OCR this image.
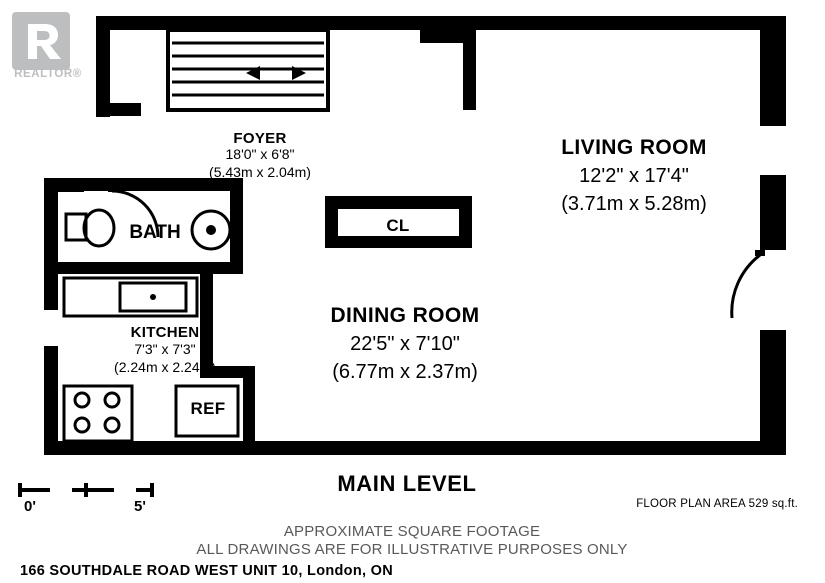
REALTOR®
FOYER
18'0" x 6'8"
(5.43m x 2.04m)
LIVING ROOM
12'2" x 17'4"
(3.71m x 5.28m)
DINING ROOM
22'5" x 7'10"
(6.77m x 2.37m)
KITCHEN
7'3" x 7'3"
(2.24m x 2.24m)
BATH	CL
REF
MAIN LEVEL
FLOOR PLAN AREA 529 sq.ft.
0'	5'
APPROXIMATE SQUARE FOOTAGE
ALL DRAWINGS ARE FOR ILLUSTRATIVE PURPOSES ONLY
166 SOUTHDALE ROAD WEST UNIT 10, London, ON
